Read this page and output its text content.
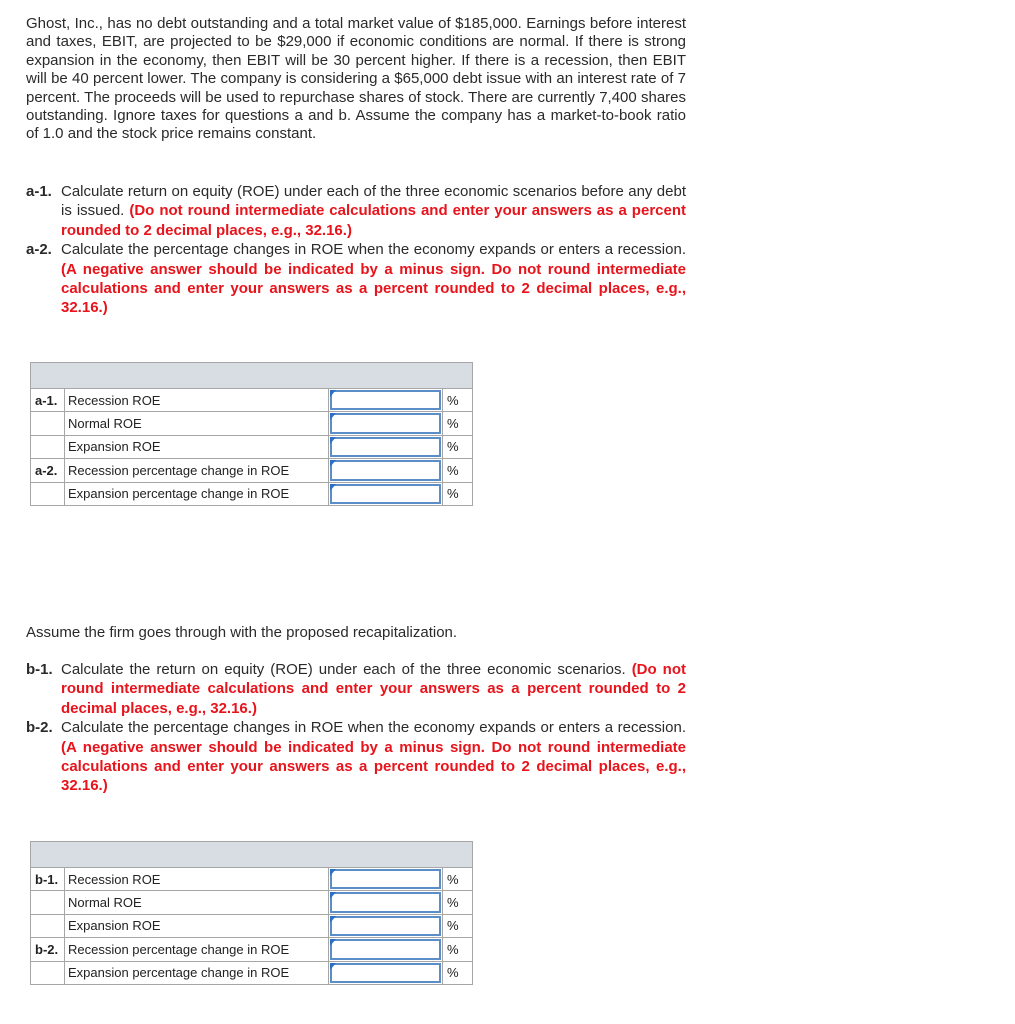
Ghost, Inc., has no debt outstanding and a total market value of $185,000. Earnings before interest and taxes, EBIT, are projected to be $29,000 if economic conditions are normal. If there is strong expansion in the economy, then EBIT will be 30 percent higher. If there is a recession, then EBIT will be 40 percent lower. The company is considering a $65,000 debt issue with an interest rate of 7 percent. The proceeds will be used to repurchase shares of stock. There are currently 7,400 shares outstanding. Ignore taxes for questions a and b. Assume the company has a market-to-book ratio of 1.0 and the stock price remains constant.

a-1. Calculate return on equity (ROE) under each of the three economic scenarios before any debt is issued. (Do not round intermediate calculations and enter your answers as a percent rounded to 2 decimal places, e.g., 32.16.)
a-2. Calculate the percentage changes in ROE when the economy expands or enters a recession. (A negative answer should be indicated by a minus sign. Do not round intermediate calculations and enter your answers as a percent rounded to 2 decimal places, e.g., 32.16.)

a-1.	Recession ROE		%
	Normal ROE		%
	Expansion ROE		%
a-2.	Recession percentage change in ROE		%
	Expansion percentage change in ROE		%

Assume the firm goes through with the proposed recapitalization.

b-1. Calculate the return on equity (ROE) under each of the three economic scenarios. (Do not round intermediate calculations and enter your answers as a percent rounded to 2 decimal places, e.g., 32.16.)
b-2. Calculate the percentage changes in ROE when the economy expands or enters a recession. (A negative answer should be indicated by a minus sign. Do not round intermediate calculations and enter your answers as a percent rounded to 2 decimal places, e.g., 32.16.)

b-1.	Recession ROE		%
	Normal ROE		%
	Expansion ROE		%
b-2.	Recession percentage change in ROE		%
	Expansion percentage change in ROE		%
